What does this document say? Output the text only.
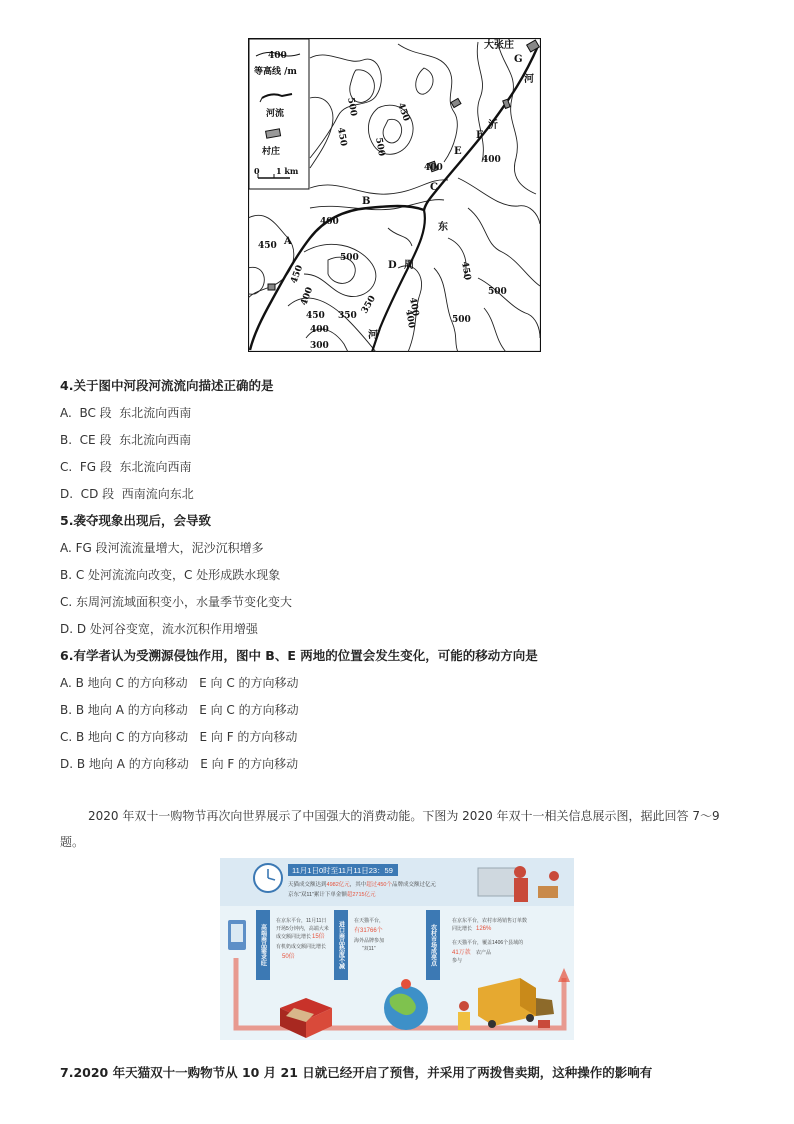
400
等高线 /m
河流
村庄
0 1 km
大张庄
A
B
C
D
E
F
G
河
沂
东
周
河
500	450
450	500
400
400
400
450
500
450
400
450
500
400
450 350
400
350
300
400	500
4.关于图中河段河流流向描述正确的是
A.  BC 段  东北流向西南
B.  CE 段  东北流向西南
C.  FG 段  东北流向西南
D.  CD 段  西南流向东北
5.袭夺现象出现后，会导致
A. FG 段河流流量增大，泥沙沉积增多
B. C 处河流流向改变，C 处形成跌水现象
C. 东周河流域面积变小，水量季节变化变大
D. D 处河谷变宽，流水沉积作用增强
6.有学者认为受溯源侵蚀作用，图中 B、E 两地的位置会发生变化，可能的移动方向是
A. B 地向 C 的方向移动   E 向 C 的方向移动
B. B 地向 A 的方向移动   E 向 C 的方向移动
C. B 地向 C 的方向移动   E 向 F 的方向移动
D. B 地向 A 的方向移动   E 向 F 的方向移动
2020 年双十一购物节再次向世界展示了中国强大的消费动能。下图为 2020 年双十一相关信息展示图，据此回答 7～9 题。
11月1日0时至11月11日23：59
天猫成交额达到4982亿元，其中超过450个品牌成交额过亿元
京东“双11”累计下单金额超2715亿元
高端商品需求旺	进口商品热度不减	农村市场成亮点
在京东平台，11月11日
开场5分钟内，高端大米
成交额同比增长 15倍
有机奶成交额同比增长
50倍
在天猫平台，
有31766个
海外品牌参加
“双11”
在京东平台，农村市场销售订单数
同比增长 126%
在天猫平台，覆盖1406个县域的
41万款 农产品
参与
7.2020 年天猫双十一购物节从 10 月 21 日就已经开启了预售，并采用了两拨售卖期，这种操作的影响有
